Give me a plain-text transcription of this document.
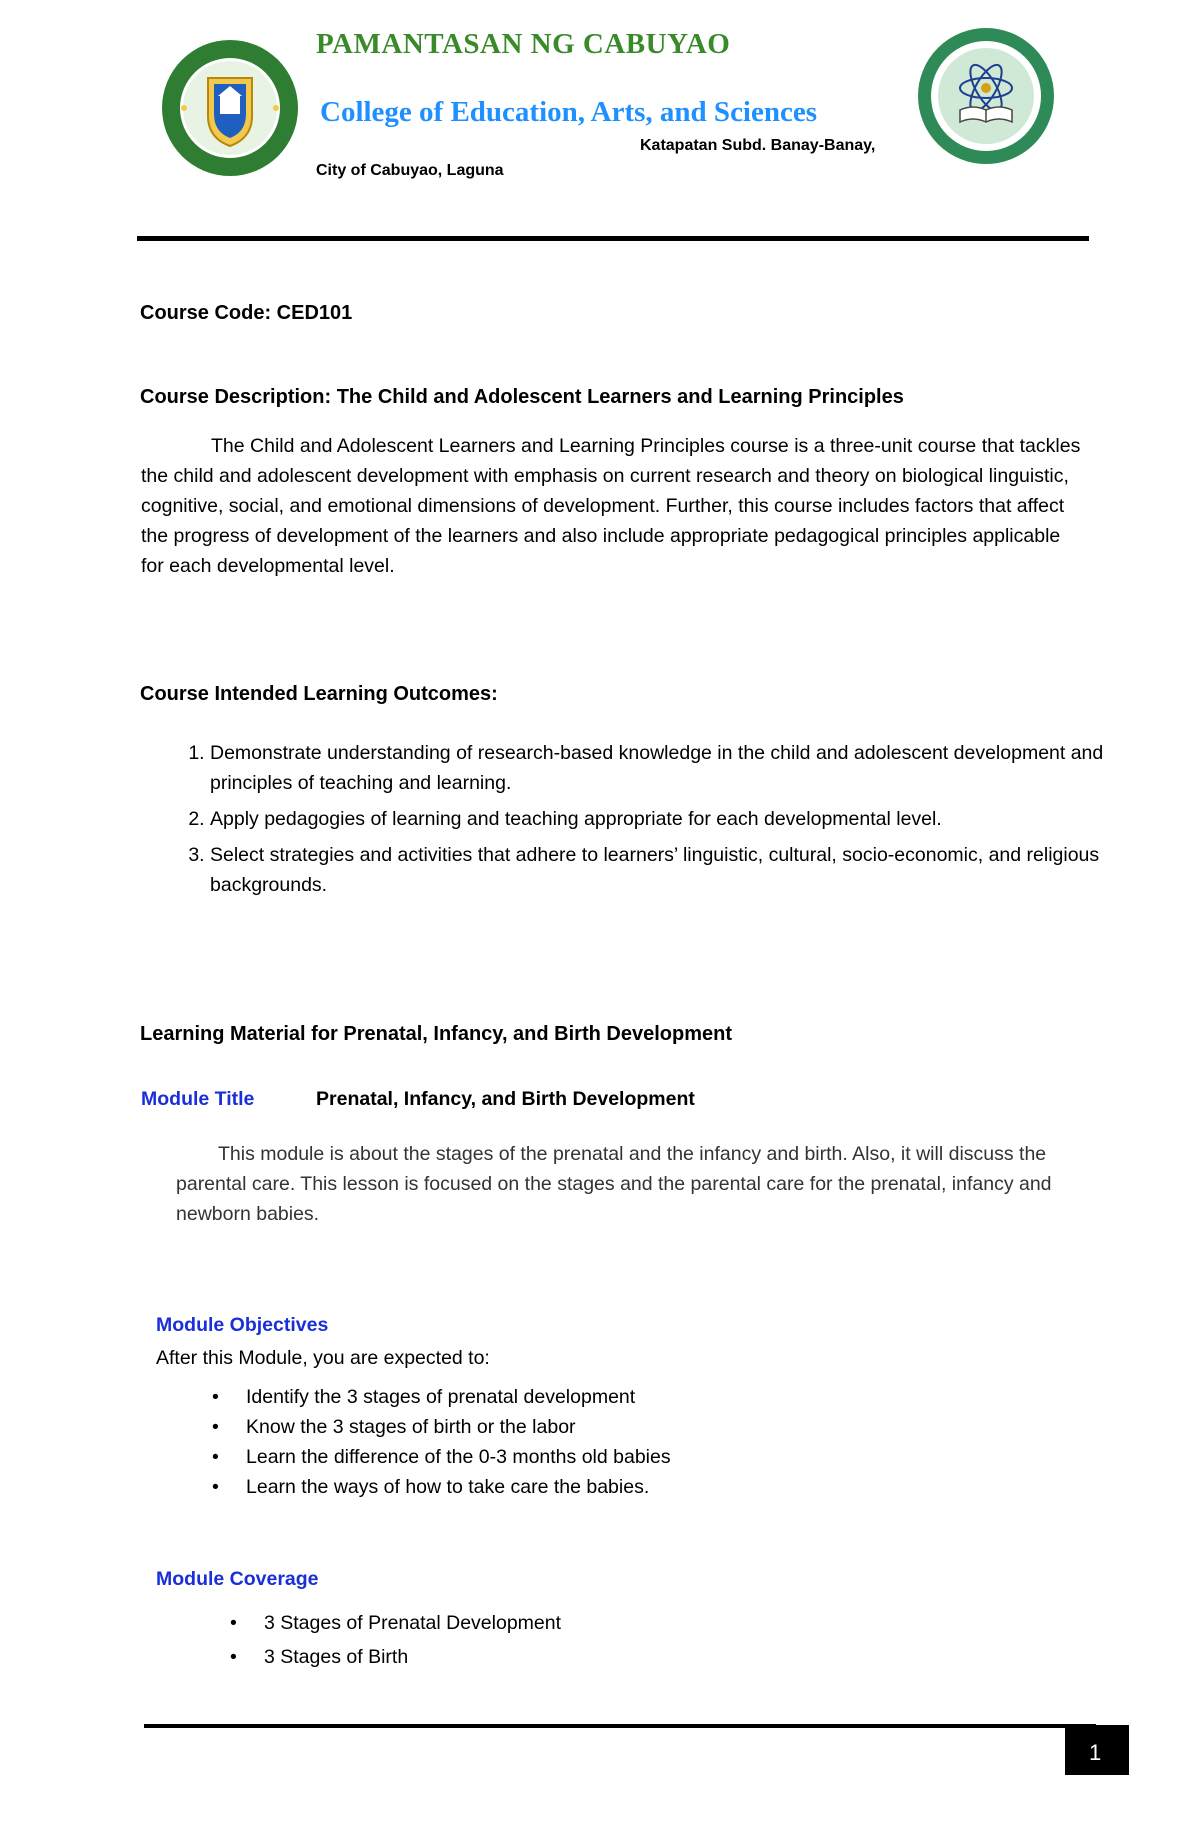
PAMANTASAN NG CABUYAO
College of Education, Arts, and Sciences
Katapatan Subd. Banay-Banay,
City of Cabuyao, Laguna
Course Code: CED101
Course Description: The Child and Adolescent Learners and Learning Principles
The Child and Adolescent Learners and Learning Principles course is a three-unit course that tackles the child and adolescent development with emphasis on current research and theory on biological linguistic, cognitive, social, and emotional dimensions of development. Further, this course includes factors that affect the progress of development of the learners and also include appropriate pedagogical principles applicable for each developmental level.
Course Intended Learning Outcomes:
1. Demonstrate understanding of research-based knowledge in the child and adolescent development and principles of teaching and learning.
2. Apply pedagogies of learning and teaching appropriate for each developmental level.
3. Select strategies and activities that adhere to learners’ linguistic, cultural, socio-economic, and religious backgrounds.
Learning Material for Prenatal, Infancy, and Birth Development
Module Title	Prenatal, Infancy, and Birth Development
This module is about the stages of the prenatal and the infancy and birth. Also, it will discuss the parental care. This lesson is focused on the stages and the parental care for the prenatal, infancy and newborn babies.
Module Objectives
After this Module, you are expected to:
• Identify the 3 stages of prenatal development
• Know the 3 stages of birth or the labor
• Learn the difference of the 0-3 months old babies
• Learn the ways of how to take care the babies.
Module Coverage
• 3 Stages of Prenatal Development
• 3 Stages of Birth
1
